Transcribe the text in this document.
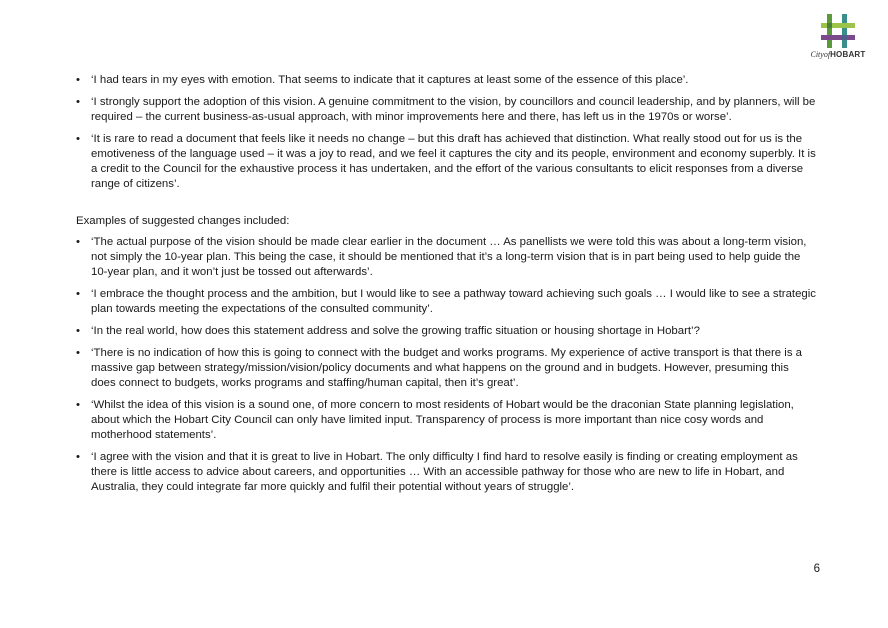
CityofHOBART
• ‘I had tears in my eyes with emotion. That seems to indicate that it captures at least some of the essence of this place’.
• ‘I strongly support the adoption of this vision. A genuine commitment to the vision, by councillors and council leadership, and by planners, will be required – the current business-as-usual approach, with minor improvements here and there, has left us in the 1970s or worse’.
• ‘It is rare to read a document that feels like it needs no change – but this draft has achieved that distinction. What really stood out for us is the emotiveness of the language used – it was a joy to read, and we feel it captures the city and its people, environment and economy superbly. It is a credit to the Council for the exhaustive process it has undertaken, and the effort of the various consultants to elicit responses from a diverse range of citizens’.

Examples of suggested changes included:

• ‘The actual purpose of the vision should be made clear earlier in the document … As panellists we were told this was about a long-term vision, not simply the 10-year plan. This being the case, it should be mentioned that it’s a long-term vision that is in part being used to help guide the 10-year plan, and it won’t just be tossed out afterwards’.
• ‘I embrace the thought process and the ambition, but I would like to see a pathway toward achieving such goals … I would like to see a strategic plan towards meeting the expectations of the consulted community’.
• ‘In the real world, how does this statement address and solve the growing traffic situation or housing shortage in Hobart’?
• ‘There is no indication of how this is going to connect with the budget and works programs. My experience of active transport is that there is a massive gap between strategy/mission/vision/policy documents and what happens on the ground and in budgets. However, presuming this does connect to budgets, works programs and staffing/human capital, then it’s great’.
• ‘Whilst the idea of this vision is a sound one, of more concern to most residents of Hobart would be the draconian State planning legislation, about which the Hobart City Council can only have limited input. Transparency of process is more important than nice cosy words and motherhood statements’.
• ‘I agree with the vision and that it is great to live in Hobart. The only difficulty I find hard to resolve easily is finding or creating employment as there is little access to advice about careers, and opportunities … With an accessible pathway for those who are new to life in Hobart, and Australia, they could integrate far more quickly and fulfil their potential without years of struggle’.
6
